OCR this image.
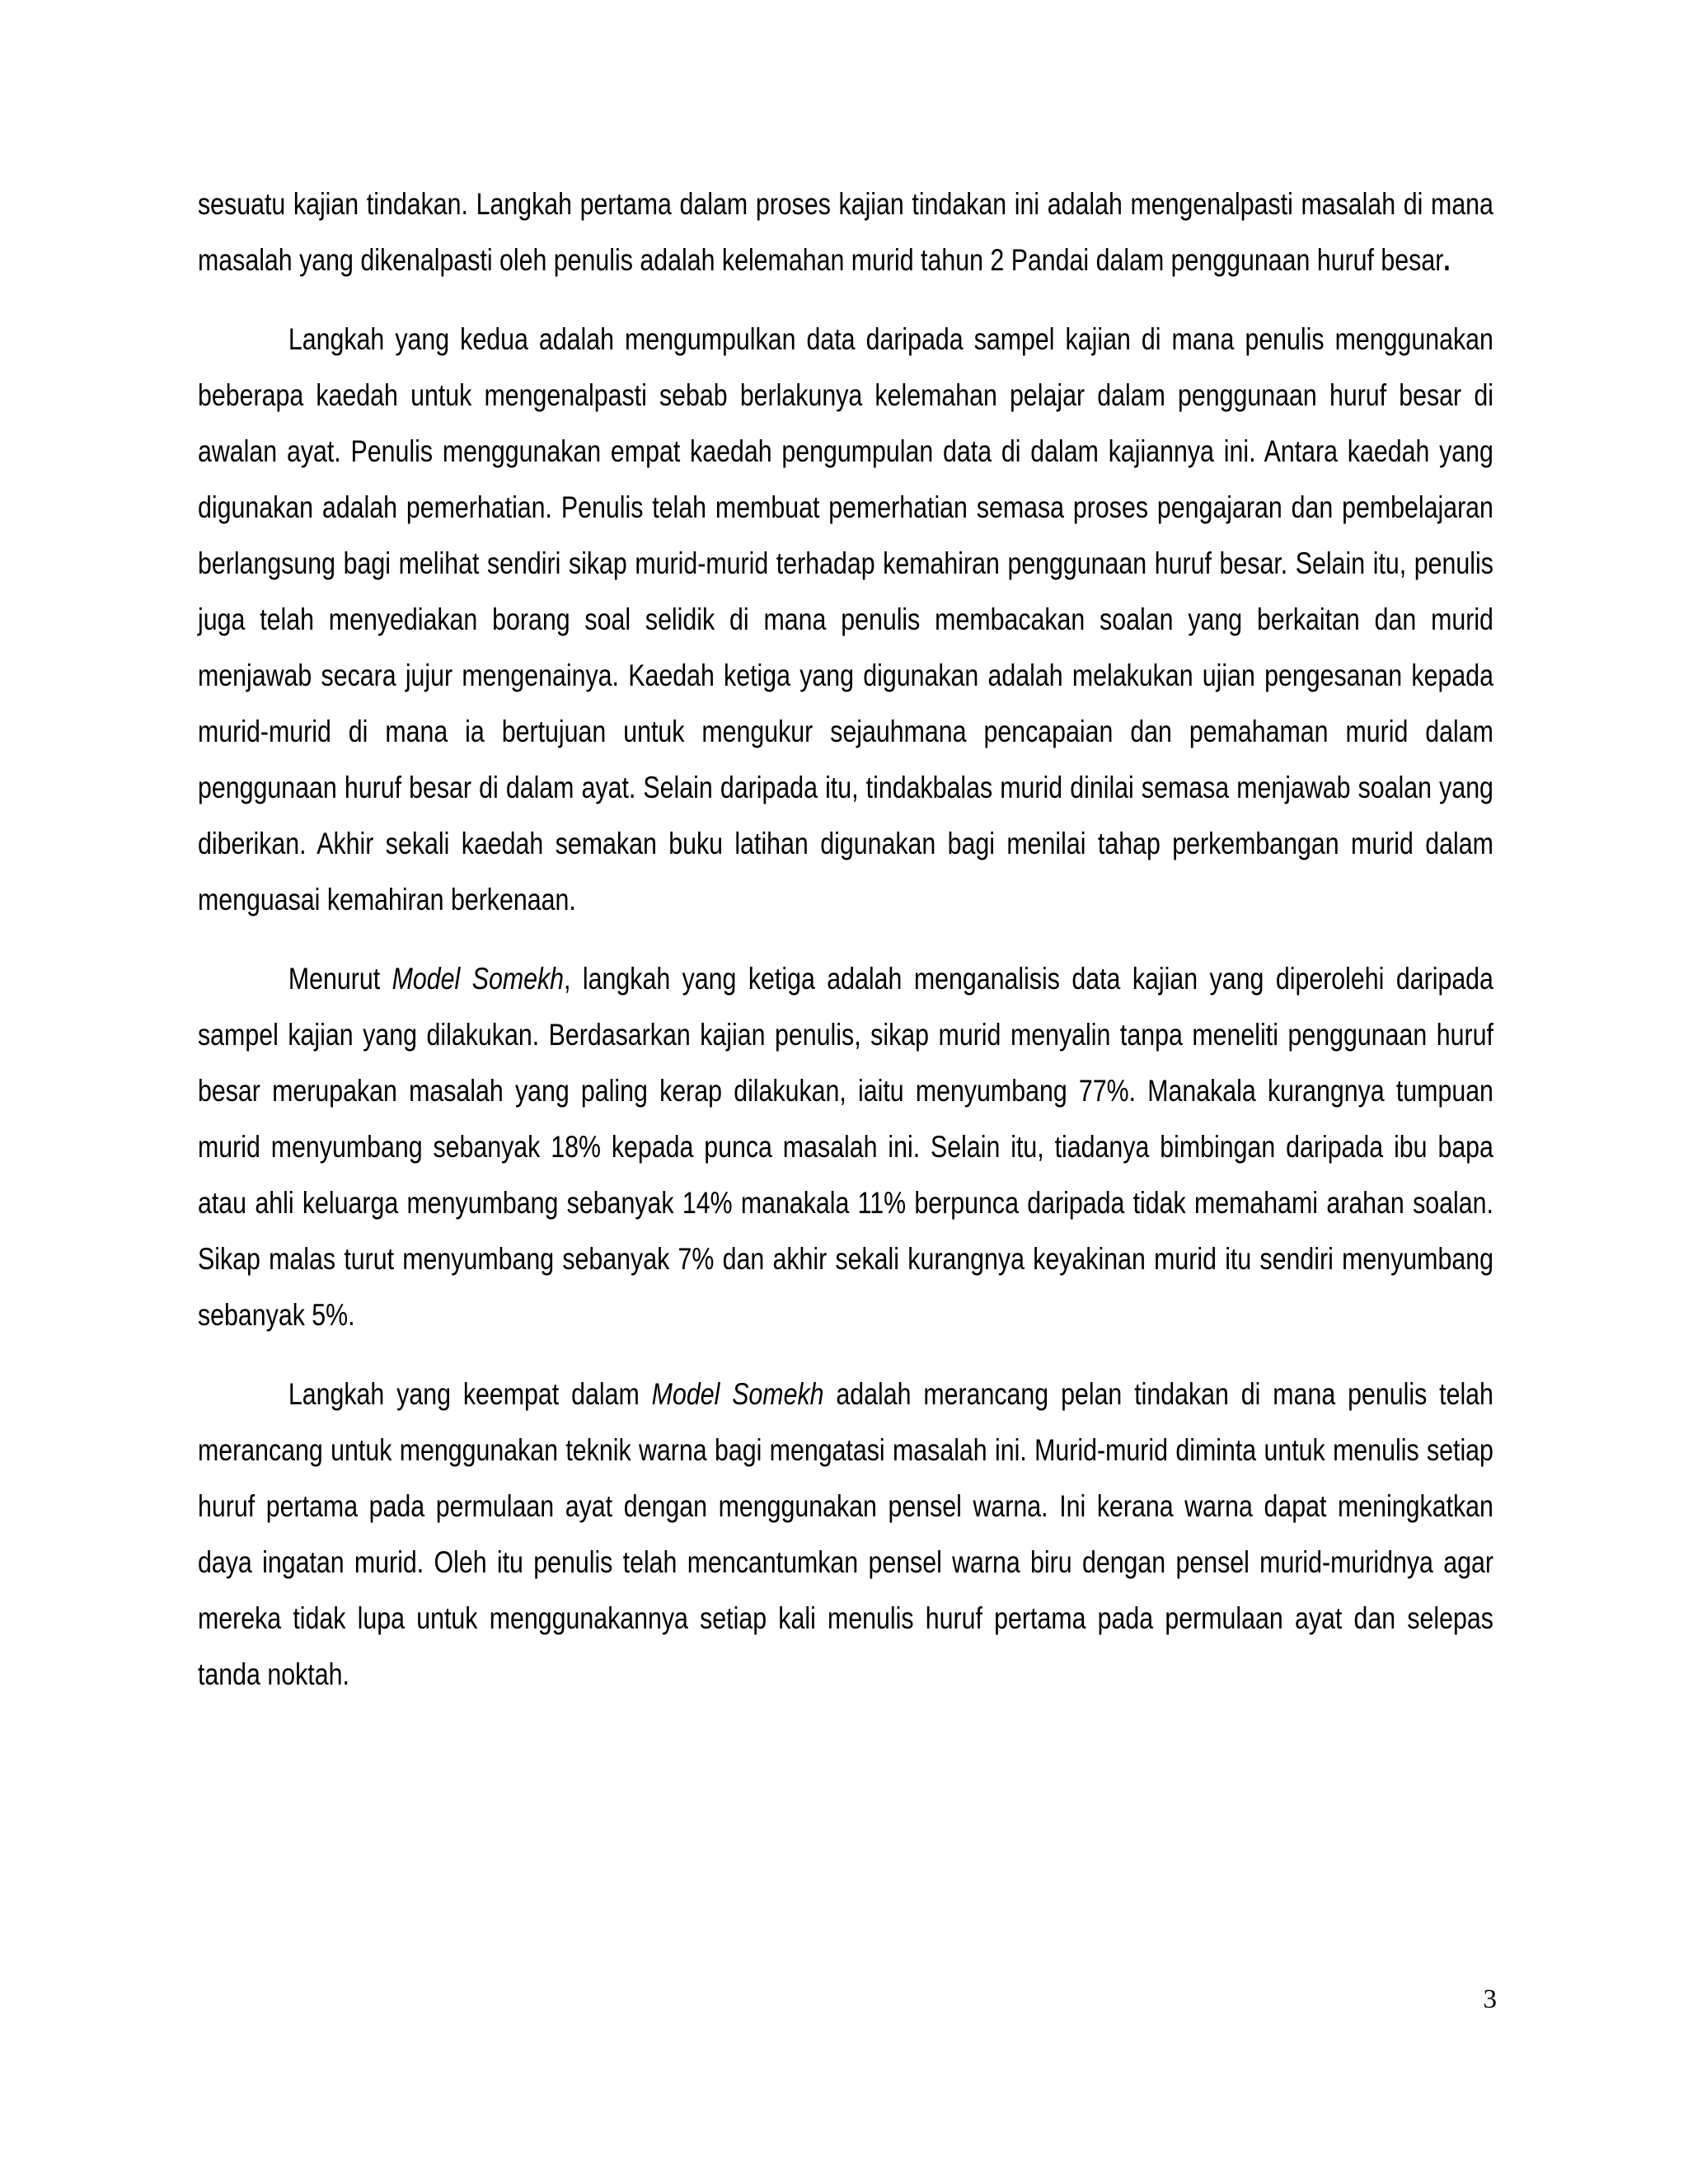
sesuatu kajian tindakan. Langkah pertama dalam proses kajian tindakan ini adalah mengenalpasti masalah di mana masalah yang dikenalpasti oleh penulis adalah kelemahan murid tahun 2 Pandai dalam penggunaan huruf besar.

Langkah yang kedua adalah mengumpulkan data daripada sampel kajian di mana penulis menggunakan beberapa kaedah untuk mengenalpasti sebab berlakunya kelemahan pelajar dalam penggunaan huruf besar di awalan ayat. Penulis menggunakan empat kaedah pengumpulan data di dalam kajiannya ini. Antara kaedah yang digunakan adalah pemerhatian. Penulis telah membuat pemerhatian semasa proses pengajaran dan pembelajaran berlangsung bagi melihat sendiri sikap murid-murid terhadap kemahiran penggunaan huruf besar. Selain itu, penulis juga telah menyediakan borang soal selidik di mana penulis membacakan soalan yang berkaitan dan murid menjawab secara jujur mengenainya. Kaedah ketiga yang digunakan adalah melakukan ujian pengesanan kepada murid-murid di mana ia bertujuan untuk mengukur sejauhmana pencapaian dan pemahaman murid dalam penggunaan huruf besar di dalam ayat. Selain daripada itu, tindakbalas murid dinilai semasa menjawab soalan yang diberikan. Akhir sekali kaedah semakan buku latihan digunakan bagi menilai tahap perkembangan murid dalam menguasai kemahiran berkenaan.

Menurut Model Somekh, langkah yang ketiga adalah menganalisis data kajian yang diperolehi daripada sampel kajian yang dilakukan. Berdasarkan kajian penulis, sikap murid menyalin tanpa meneliti penggunaan huruf besar merupakan masalah yang paling kerap dilakukan, iaitu menyumbang 77%. Manakala kurangnya tumpuan murid menyumbang sebanyak 18% kepada punca masalah ini. Selain itu, tiadanya bimbingan daripada ibu bapa atau ahli keluarga menyumbang sebanyak 14% manakala 11% berpunca daripada tidak memahami arahan soalan. Sikap malas turut menyumbang sebanyak 7% dan akhir sekali kurangnya keyakinan murid itu sendiri menyumbang sebanyak 5%.

Langkah yang keempat dalam Model Somekh adalah merancang pelan tindakan di mana penulis telah merancang untuk menggunakan teknik warna bagi mengatasi masalah ini. Murid-murid diminta untuk menulis setiap huruf pertama pada permulaan ayat dengan menggunakan pensel warna. Ini kerana warna dapat meningkatkan daya ingatan murid. Oleh itu penulis telah mencantumkan pensel warna biru dengan pensel murid-muridnya agar mereka tidak lupa untuk menggunakannya setiap kali menulis huruf pertama pada permulaan ayat dan selepas tanda noktah.

3
